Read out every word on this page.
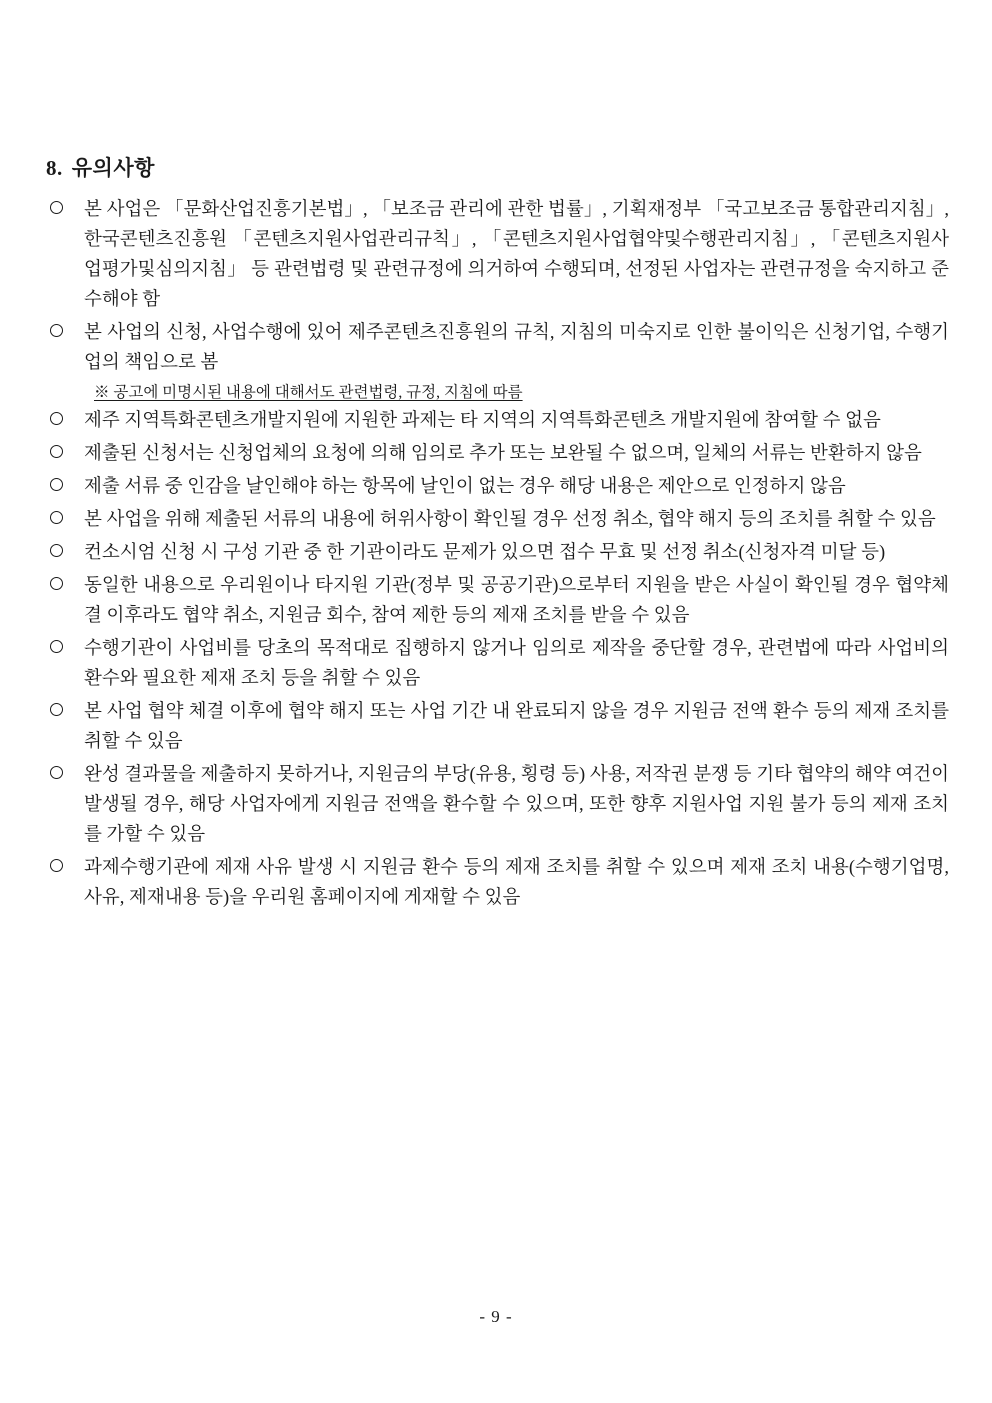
8. 유의사항
본 사업은 「문화산업진흥기본법」, 「보조금 관리에 관한 법률」, 기획재정부 「국고보조금 통합관리지침」, 한국콘텐츠진흥원 「콘텐츠지원사업관리규칙」, 「콘텐츠지원사업협약및수행관리지침」, 「콘텐츠지원사업평가및심의지침」 등 관련법령 및 관련규정에 의거하여 수행되며, 선정된 사업자는 관련규정을 숙지하고 준수해야 함
본 사업의 신청, 사업수행에 있어 제주콘텐츠진흥원의 규칙, 지침의 미숙지로 인한 불이익은 신청기업, 수행기업의 책임으로 봄
※ 공고에 미명시된 내용에 대해서도 관련법령, 규정, 지침에 따름
제주 지역특화콘텐츠개발지원에 지원한 과제는 타 지역의 지역특화콘텐츠 개발지원에 참여할 수 없음
제출된 신청서는 신청업체의 요청에 의해 임의로 추가 또는 보완될 수 없으며, 일체의 서류는 반환하지 않음
제출 서류 중 인감을 날인해야 하는 항목에 날인이 없는 경우 해당 내용은 제안으로 인정하지 않음
본 사업을 위해 제출된 서류의 내용에 허위사항이 확인될 경우 선정 취소, 협약 해지 등의 조치를 취할 수 있음
컨소시엄 신청 시 구성 기관 중 한 기관이라도 문제가 있으면 접수 무효 및 선정 취소(신청자격 미달 등)
동일한 내용으로 우리원이나 타지원 기관(정부 및 공공기관)으로부터 지원을 받은 사실이 확인될 경우 협약체결 이후라도 협약 취소, 지원금 회수, 참여 제한 등의 제재 조치를 받을 수 있음
수행기관이 사업비를 당초의 목적대로 집행하지 않거나 임의로 제작을 중단할 경우, 관련법에 따라 사업비의 환수와 필요한 제재 조치 등을 취할 수 있음
본 사업 협약 체결 이후에 협약 해지 또는 사업 기간 내 완료되지 않을 경우 지원금 전액 환수 등의 제재 조치를 취할 수 있음
완성 결과물을 제출하지 못하거나, 지원금의 부당(유용, 횡령 등) 사용, 저작권 분쟁 등 기타 협약의 해약 여건이 발생될 경우, 해당 사업자에게 지원금 전액을 환수할 수 있으며, 또한 향후 지원사업 지원 불가 등의 제재 조치를 가할 수 있음
과제수행기관에 제재 사유 발생 시 지원금 환수 등의 제재 조치를 취할 수 있으며 제재 조치 내용(수행기업명, 사유, 제재내용 등)을 우리원 홈페이지에 게재할 수 있음
- 9 -
